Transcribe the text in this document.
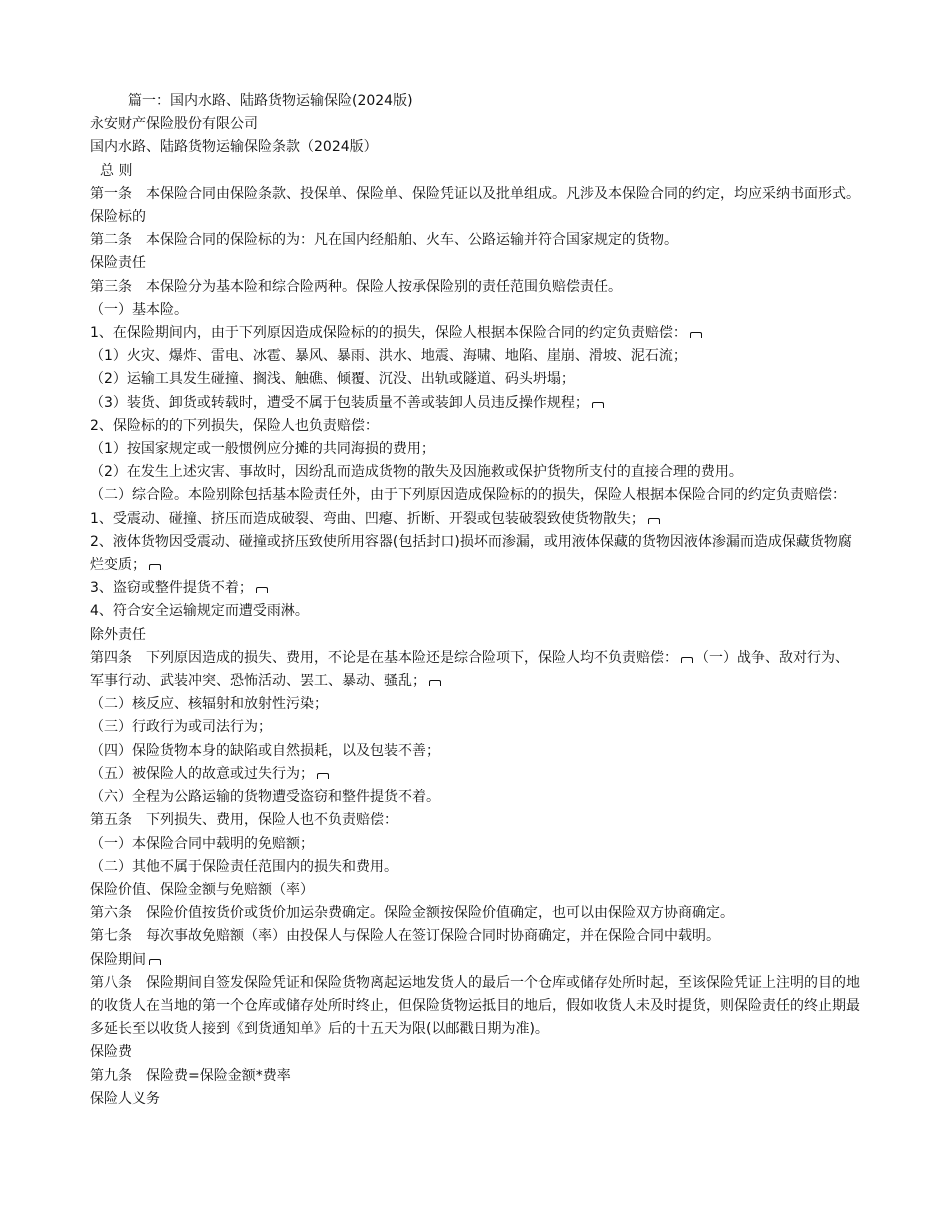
篇一：国内水路、陆路货物运输保险(2024版)

永安财产保险股份有限公司

国内水路、陆路货物运输保险条款（2024版）

总 则

第一条　本保险合同由保险条款、投保单、保险单、保险凭证以及批单组成。凡涉及本保险合同的约定，均应采纳书面形式。

保险标的

第二条　本保险合同的保险标的为：凡在国内经船舶、火车、公路运输并符合国家规定的货物。

保险责任

第三条　本保险分为基本险和综合险两种。保险人按承保险别的责任范围负赔偿责任。

（一）基本险。

1、在保险期间内，由于下列原因造成保险标的的损失，保险人根据本保险合同的约定负责赔偿：

（1）火灾、爆炸、雷电、冰雹、暴风、暴雨、洪水、地震、海啸、地陷、崖崩、滑坡、泥石流；

（2）运输工具发生碰撞、搁浅、触礁、倾覆、沉没、出轨或隧道、码头坍塌；

（3）装货、卸货或转载时，遭受不属于包装质量不善或装卸人员违反操作规程；

2、保险标的的下列损失，保险人也负责赔偿：

（1）按国家规定或一般惯例应分摊的共同海损的费用；

（2）在发生上述灾害、事故时，因纷乱而造成货物的散失及因施救或保护货物所支付的直接合理的费用。

（二）综合险。本险别除包括基本险责任外，由于下列原因造成保险标的的损失，保险人根据本保险合同的约定负责赔偿：

1、受震动、碰撞、挤压而造成破裂、弯曲、凹瘪、折断、开裂或包装破裂致使货物散失；

2、液体货物因受震动、碰撞或挤压致使所用容器(包括封口)损坏而渗漏，或用液体保藏的货物因液体渗漏而造成保藏货物腐烂变质；

3、盗窃或整件提货不着；

4、符合安全运输规定而遭受雨淋。

除外责任

第四条　下列原因造成的损失、费用，不论是在基本险还是综合险项下，保险人均不负责赔偿： （一）战争、敌对行为、军事行动、武装冲突、恐怖活动、罢工、暴动、骚乱；

（二）核反应、核辐射和放射性污染；

（三）行政行为或司法行为；

（四）保险货物本身的缺陷或自然损耗，以及包装不善；

（五）被保险人的故意或过失行为；

（六）全程为公路运输的货物遭受盗窃和整件提货不着。

第五条　下列损失、费用，保险人也不负责赔偿：

（一）本保险合同中载明的免赔额；

（二）其他不属于保险责任范围内的损失和费用。

保险价值、保险金额与免赔额（率）

第六条　保险价值按货价或货价加运杂费确定。保险金额按保险价值确定，也可以由保险双方协商确定。

第七条　每次事故免赔额（率）由投保人与保险人在签订保险合同时协商确定，并在保险合同中载明。

保险期间

第八条　保险期间自签发保险凭证和保险货物离起运地发货人的最后一个仓库或储存处所时起，至该保险凭证上注明的目的地的收货人在当地的第一个仓库或储存处所时终止，但保险货物运抵目的地后，假如收货人未及时提货，则保险责任的终止期最多延长至以收货人接到《到货通知单》后的十五天为限(以邮戳日期为准)。

保险费

第九条　保险费=保险金额*费率

保险人义务
